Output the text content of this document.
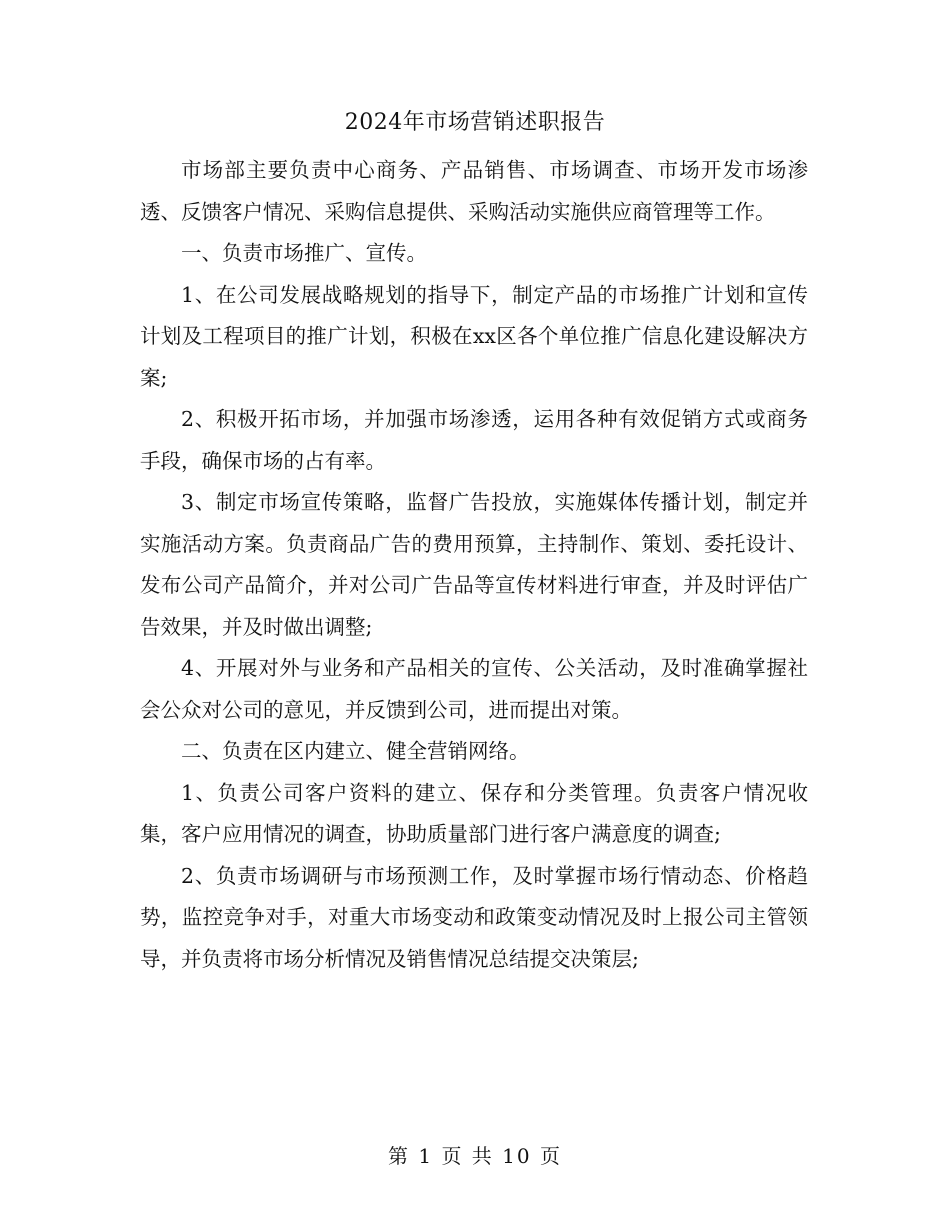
2024年市场营销述职报告

市场部主要负责中心商务、产品销售、市场调查、市场开发市场渗透、反馈客户情况、采购信息提供、采购活动实施供应商管理等工作。

一、负责市场推广、宣传。

1、在公司发展战略规划的指导下，制定产品的市场推广计划和宣传计划及工程项目的推广计划，积极在xx区各个单位推广信息化建设解决方案;

2、积极开拓市场，并加强市场渗透，运用各种有效促销方式或商务手段，确保市场的占有率。

3、制定市场宣传策略，监督广告投放，实施媒体传播计划，制定并实施活动方案。负责商品广告的费用预算，主持制作、策划、委托设计、发布公司产品简介，并对公司广告品等宣传材料进行审查，并及时评估广告效果，并及时做出调整;

4、开展对外与业务和产品相关的宣传、公关活动，及时准确掌握社会公众对公司的意见，并反馈到公司，进而提出对策。

二、负责在区内建立、健全营销网络。

1、负责公司客户资料的建立、保存和分类管理。负责客户情况收集，客户应用情况的调查，协助质量部门进行客户满意度的调查;

2、负责市场调研与市场预测工作，及时掌握市场行情动态、价格趋势，监控竞争对手，对重大市场变动和政策变动情况及时上报公司主管领导，并负责将市场分析情况及销售情况总结提交决策层;

第 1 页 共 10 页
